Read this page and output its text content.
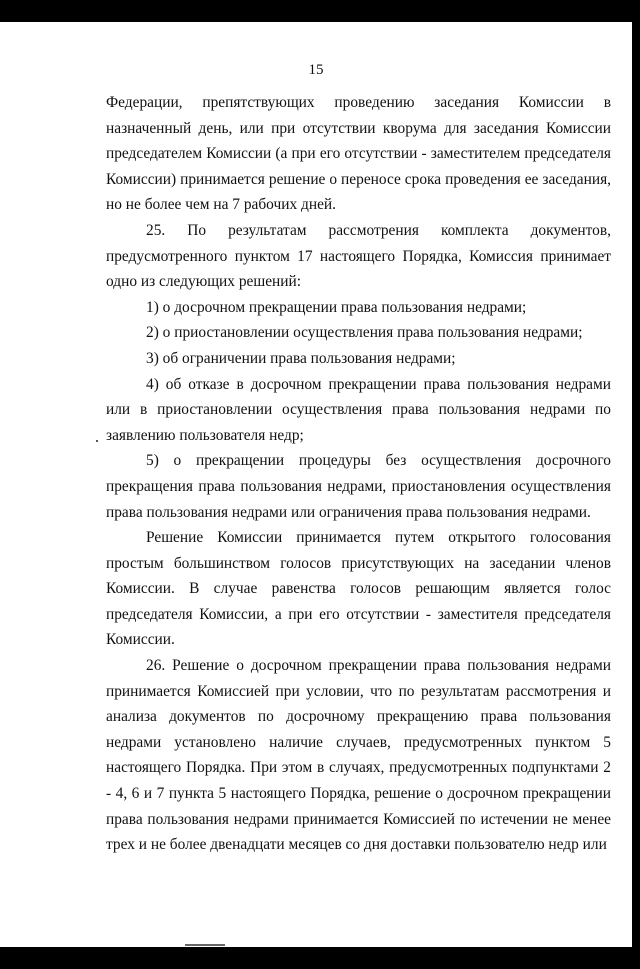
15

Федерации, препятствующих проведению заседания Комиссии в назначенный день, или при отсутствии кворума для заседания Комиссии председателем Комиссии (а при его отсутствии - заместителем председателя Комиссии) принимается решение о переносе срока проведения ее заседания, но не более чем на 7 рабочих дней.

25. По результатам рассмотрения комплекта документов, предусмотренного пунктом 17 настоящего Порядка, Комиссия принимает одно из следующих решений:

1) о досрочном прекращении права пользования недрами;

2) о приостановлении осуществления права пользования недрами;

3) об ограничении права пользования недрами;

4) об отказе в досрочном прекращении права пользования недрами или в приостановлении осуществления права пользования недрами по заявлению пользователя недр;

5) о прекращении процедуры без осуществления досрочного прекращения права пользования недрами, приостановления осуществления права пользования недрами или ограничения права пользования недрами.

Решение Комиссии принимается путем открытого голосования простым большинством голосов присутствующих на заседании членов Комиссии. В случае равенства голосов решающим является голос председателя Комиссии, а при его отсутствии - заместителя председателя Комиссии.

26. Решение о досрочном прекращении права пользования недрами принимается Комиссией при условии, что по результатам рассмотрения и анализа документов по досрочному прекращению права пользования недрами установлено наличие случаев, предусмотренных пунктом 5 настоящего Порядка. При этом в случаях, предусмотренных подпунктами 2 - 4, 6 и 7 пункта 5 настоящего Порядка, решение о досрочном прекращении права пользования недрами принимается Комиссией по истечении не менее трех и не более двенадцати месяцев со дня доставки пользователю недр или
